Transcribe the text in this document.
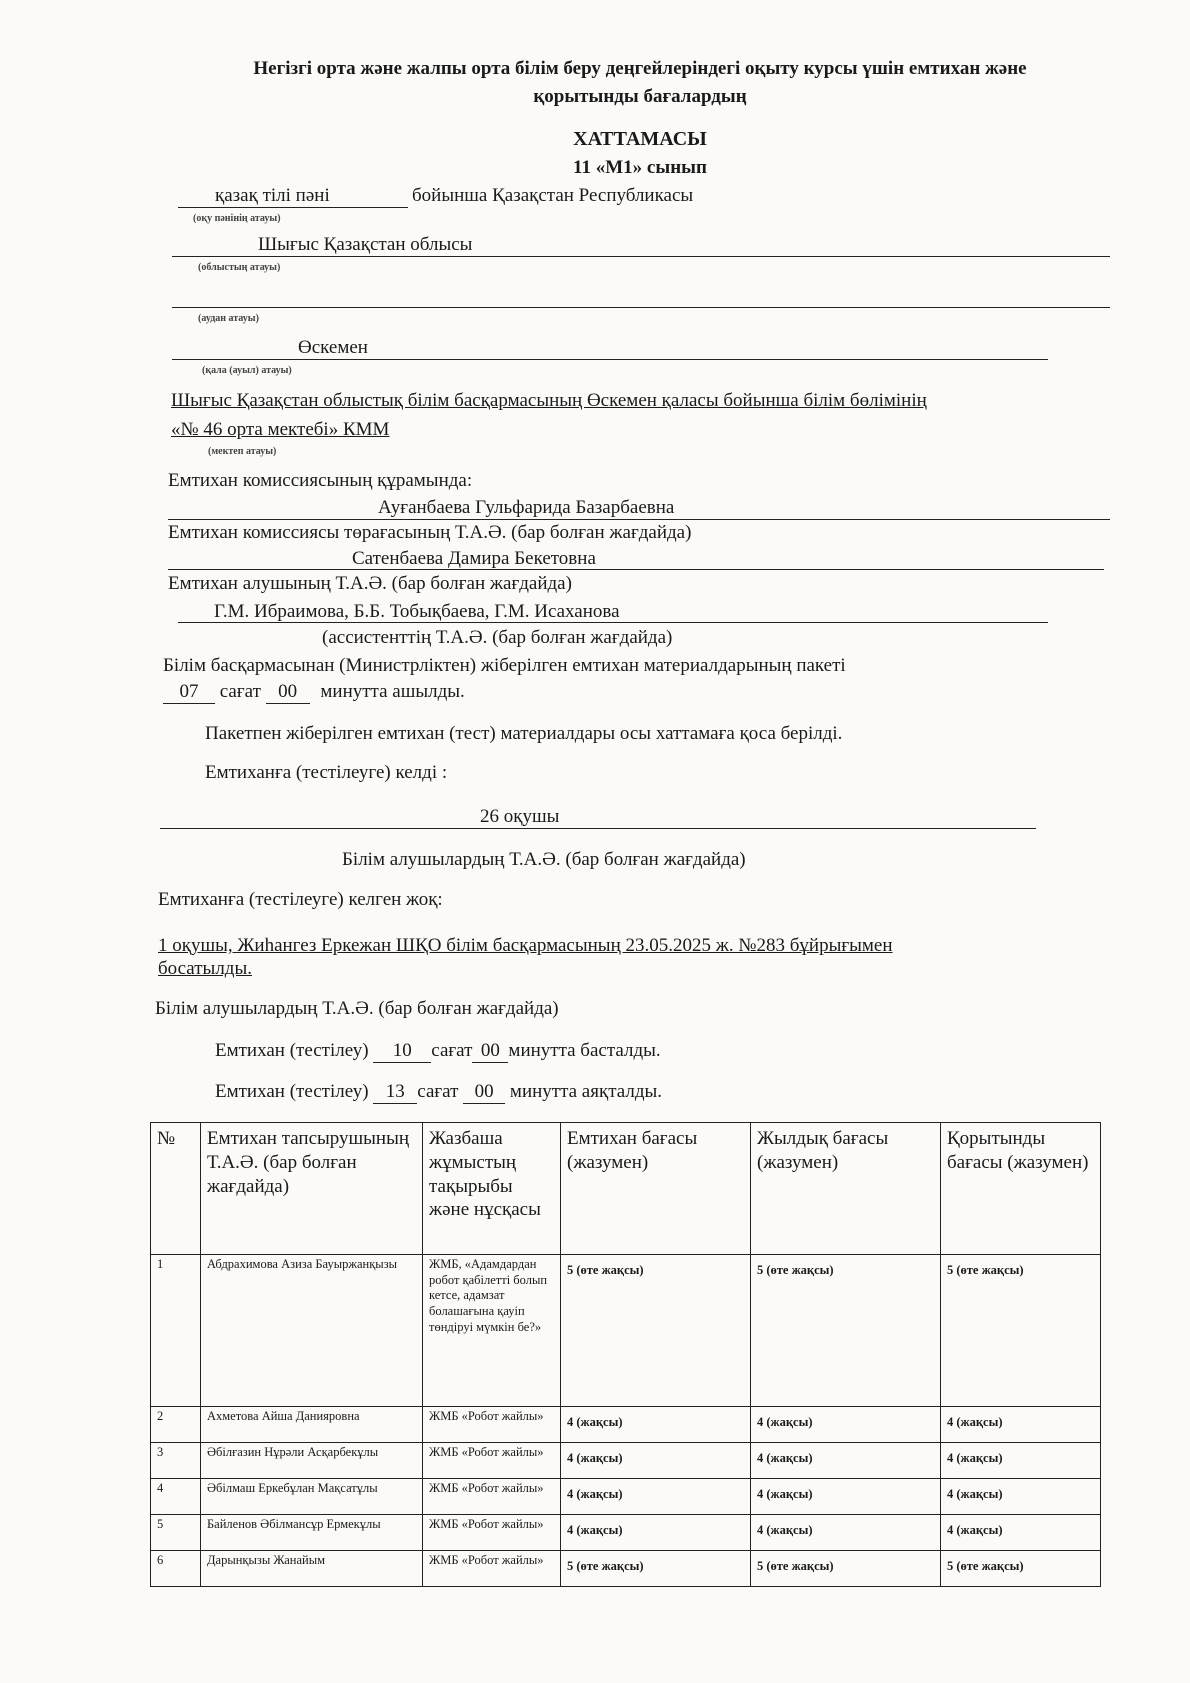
Негізгі орта және жалпы орта білім беру деңгейлеріндегі оқыту курсы үшін емтихан және
қорытынды бағалардың
ХАТТАМАСЫ
11 «М1» сынып
қазақ тілі пәні	бойынша Қазақстан Республикасы
(оқу пәнінің атауы)
Шығыс Қазақстан облысы
(облыстың атауы)
(аудан атауы)
Өскемен
(қала (ауыл) атауы)
Шығыс Қазақстан облыстық білім басқармасының Өскемен қаласы бойынша білім бөлімінің
«№ 46 орта мектебі» КММ
(мектеп атауы)
Емтихан комиссиясының құрамында:
Ауғанбаева Гульфарида Базарбаевна
Емтихан комиссиясы төрағасының Т.А.Ә. (бар болған жағдайда)
Сатенбаева Дамира Бекетовна
Емтихан алушының Т.А.Ә. (бар болған жағдайда)
Г.М. Ибраимова, Б.Б. Тобықбаева, Г.М. Исаханова
(ассистенттің Т.А.Ә. (бар болған жағдайда)
Білім басқармасынан (Министрліктен) жіберілген емтихан материалдарының пакеті
07 сағат 00 минутта ашылды.
Пакетпен жіберілген емтихан (тест) материалдары осы хаттамаға қоса берілді.
Емтиханға (тестілеуге) келді :
26 оқушы
Білім алушылардың Т.А.Ә. (бар болған жағдайда)
Емтиханға (тестілеуге) келген жоқ:
1 оқушы, Жиһангез Еркежан ШҚО білім басқармасының 23.05.2025 ж. №283 бұйрығымен
босатылды.
Білім алушылардың Т.А.Ә. (бар болған жағдайда)
Емтихан (тестілеу) 10 сағат 00 минутта басталды.
Емтихан (тестілеу) 13 сағат 00 минутта аяқталды.
№	Емтихан тапсырушының Т.А.Ә. (бар болған жағдайда)	Жазбаша жұмыстың тақырыбы және нұсқасы	Емтихан бағасы (жазумен)	Жылдық бағасы (жазумен)	Қорытынды бағасы (жазумен)
1	Абдрахимова Азиза Бауыржанқызы	ЖМБ, «Адамдардан робот қабілетті болып кетсе, адамзат болашағына қауіп төндіруі мүмкін бе?»	5 (өте жақсы)	5 (өте жақсы)	5 (өте жақсы)
2	Ахметова Айша Данияровна	ЖМБ «Робот жайлы»	4 (жақсы)	4 (жақсы)	4 (жақсы)
3	Әбілғазин Нұрәли Асқарбекұлы	ЖМБ «Робот жайлы»	4 (жақсы)	4 (жақсы)	4 (жақсы)
4	Әбілмаш Еркебұлан Мақсатұлы	ЖМБ «Робот жайлы»	4 (жақсы)	4 (жақсы)	4 (жақсы)
5	Байленов Әбілмансұр Ермекұлы	ЖМБ «Робот жайлы»	4 (жақсы)	4 (жақсы)	4 (жақсы)
6	Дарынқызы Жанайым	ЖМБ «Робот жайлы»	5 (өте жақсы)	5 (өте жақсы)	5 (өте жақсы)
